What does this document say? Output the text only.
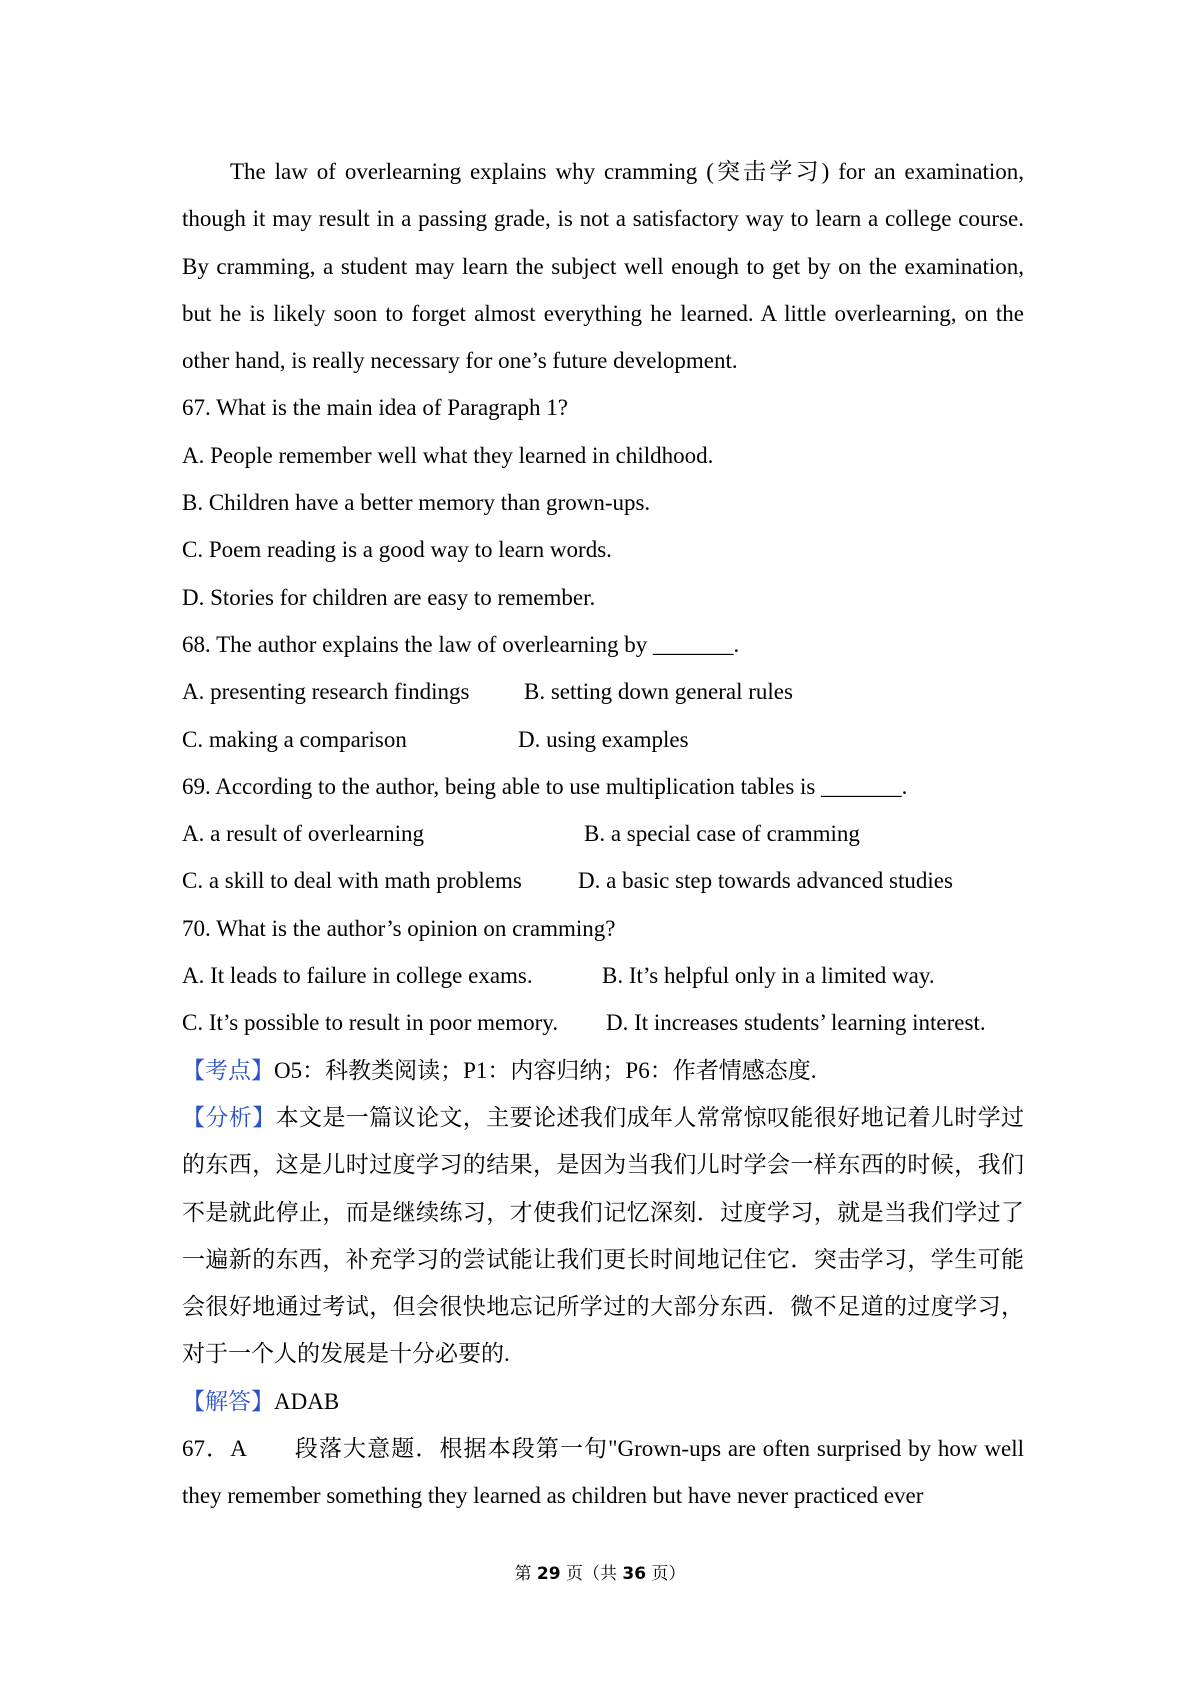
The law of overlearning explains why cramming (突击学习) for an examination, though it may result in a passing grade, is not a satisfactory way to learn a college course. By cramming, a student may learn the subject well enough to get by on the examination, but he is likely soon to forget almost everything he learned. A little overlearning, on the other hand, is really necessary for one’s future development.

67. What is the main idea of Paragraph 1?
A. People remember well what they learned in childhood.
B. Children have a better memory than grown-ups.
C. Poem reading is a good way to learn words.
D. Stories for children are easy to remember.
68. The author explains the law of overlearning by _______.
A. presenting research findings	B. setting down general rules
C. making a comparison	D. using examples
69. According to the author, being able to use multiplication tables is _______.
A. a result of overlearning	B. a special case of cramming
C. a skill to deal with math problems	D. a basic step towards advanced studies
70. What is the author’s opinion on cramming?
A. It leads to failure in college exams.	B. It’s helpful only in a limited way.
C. It’s possible to result in poor memory.	D. It increases students’ learning interest.
【考点】O5：科教类阅读；P1：内容归纳；P6：作者情感态度.

【分析】本文是一篇议论文，主要论述我们成年人常常惊叹能很好地记着儿时学过的东西，这是儿时过度学习的结果，是因为当我们儿时学会一样东西的时候，我们不是就此停止，而是继续练习，才使我们记忆深刻．过度学习，就是当我们学过了一遍新的东西，补充学习的尝试能让我们更长时间地记住它．突击学习，学生可能会很好地通过考试，但会很快地忘记所学过的大部分东西．微不足道的过度学习，对于一个人的发展是十分必要的.

【解答】ADAB

67．A　　段落大意题．根据本段第一句"Grown-ups are often surprised by how well they remember something they learned as children but have never practiced ever

第 29 页（共 36 页）
